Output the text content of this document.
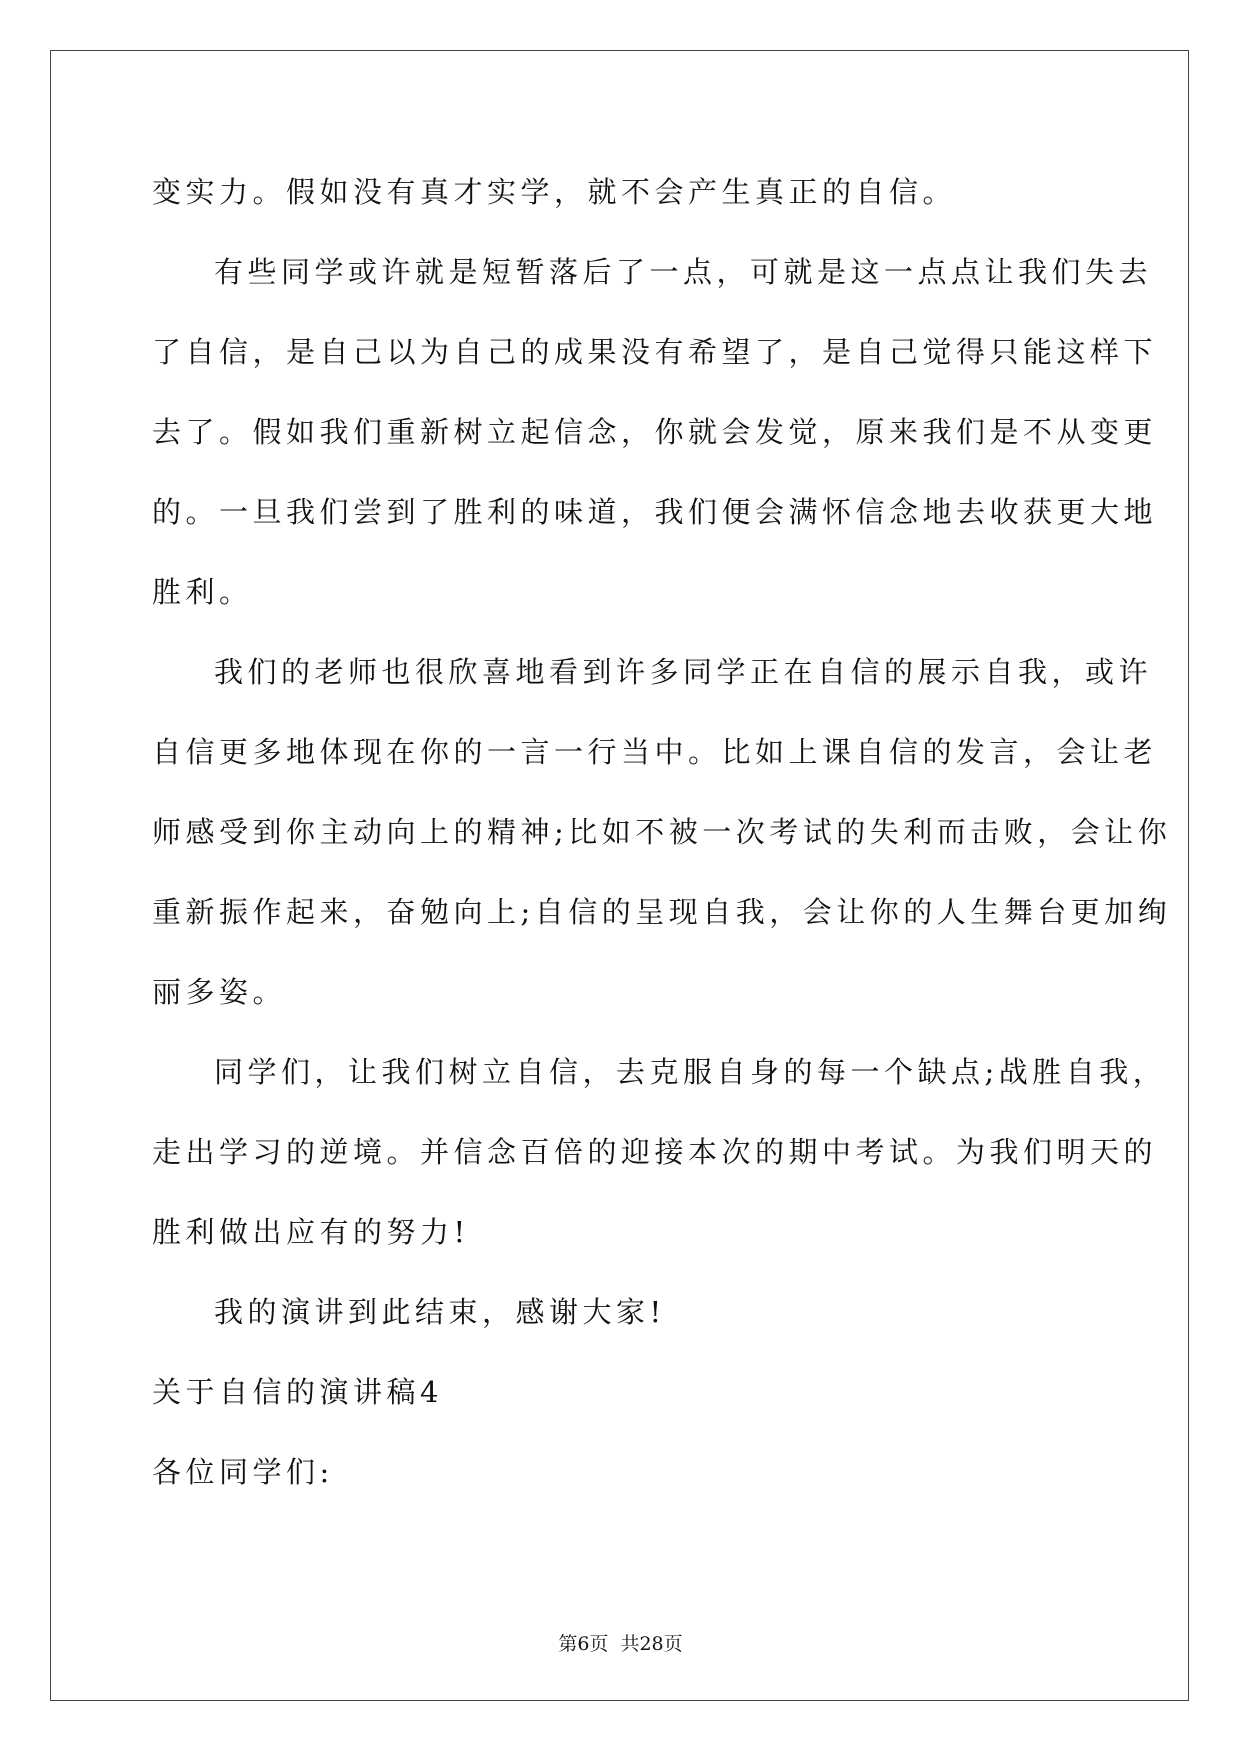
变实力。假如没有真才实学，就不会产生真正的自信。

有些同学或许就是短暂落后了一点，可就是这一点点让我们失去

了自信，是自己以为自己的成果没有希望了，是自己觉得只能这样下

去了。假如我们重新树立起信念，你就会发觉，原来我们是不从变更

的。一旦我们尝到了胜利的味道，我们便会满怀信念地去收获更大地

胜利。

我们的老师也很欣喜地看到许多同学正在自信的展示自我，或许

自信更多地体现在你的一言一行当中。比如上课自信的发言，会让老

师感受到你主动向上的精神;比如不被一次考试的失利而击败，会让你

重新振作起来，奋勉向上;自信的呈现自我，会让你的人生舞台更加绚

丽多姿。

同学们，让我们树立自信，去克服自身的每一个缺点;战胜自我，

走出学习的逆境。并信念百倍的迎接本次的期中考试。为我们明天的

胜利做出应有的努力!

我的演讲到此结束，感谢大家!

关于自信的演讲稿4

各位同学们:

第6页 共28页
